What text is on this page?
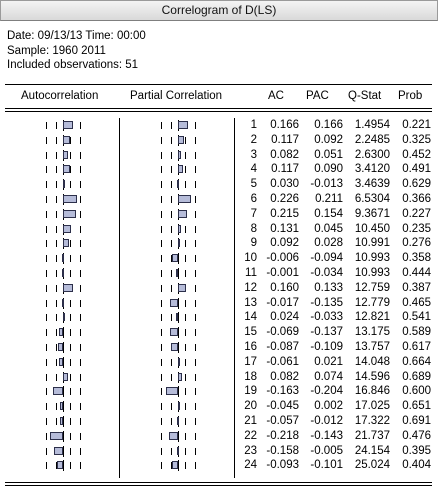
Correlogram of D(LS)
Date: 09/13/13 Time: 00:00
Sample: 1960 2011
Included observations: 51
Autocorrelation	Partial Correlation	AC PAC Q-Stat Prob
1	0.166	0.166	1.4954	0.221
2	0.117	0.092	2.2485	0.325
3	0.082	0.051	2.6300	0.452
4	0.117	0.090	3.4120	0.491
5	0.030 -0.013	3.4639	0.629
6	0.226	0.211	6.5304	0.366
7	0.215	0.154	9.3671	0.227
8	0.131	0.045	10.450	0.235
9	0.092	0.028	10.991	0.276
10 -0.006 -0.094	10.993	0.358
11 -0.001 -0.034	10.993	0.444
12	0.160	0.133	12.759	0.387
13 -0.017 -0.135	12.779	0.465
14	0.024 -0.033	12.821	0.541
15 -0.069 -0.137	13.175	0.589
16 -0.087 -0.109	13.757	0.617
17 -0.061	0.021	14.048	0.664
18	0.082	0.074	14.596	0.689
19 -0.163 -0.204	16.846	0.600
20 -0.045	0.002	17.025	0.651
21 -0.057 -0.012	17.322	0.691
22 -0.218 -0.143	21.737	0.476
23 -0.158 -0.005	24.154	0.395
24 -0.093 -0.101	25.024	0.404
